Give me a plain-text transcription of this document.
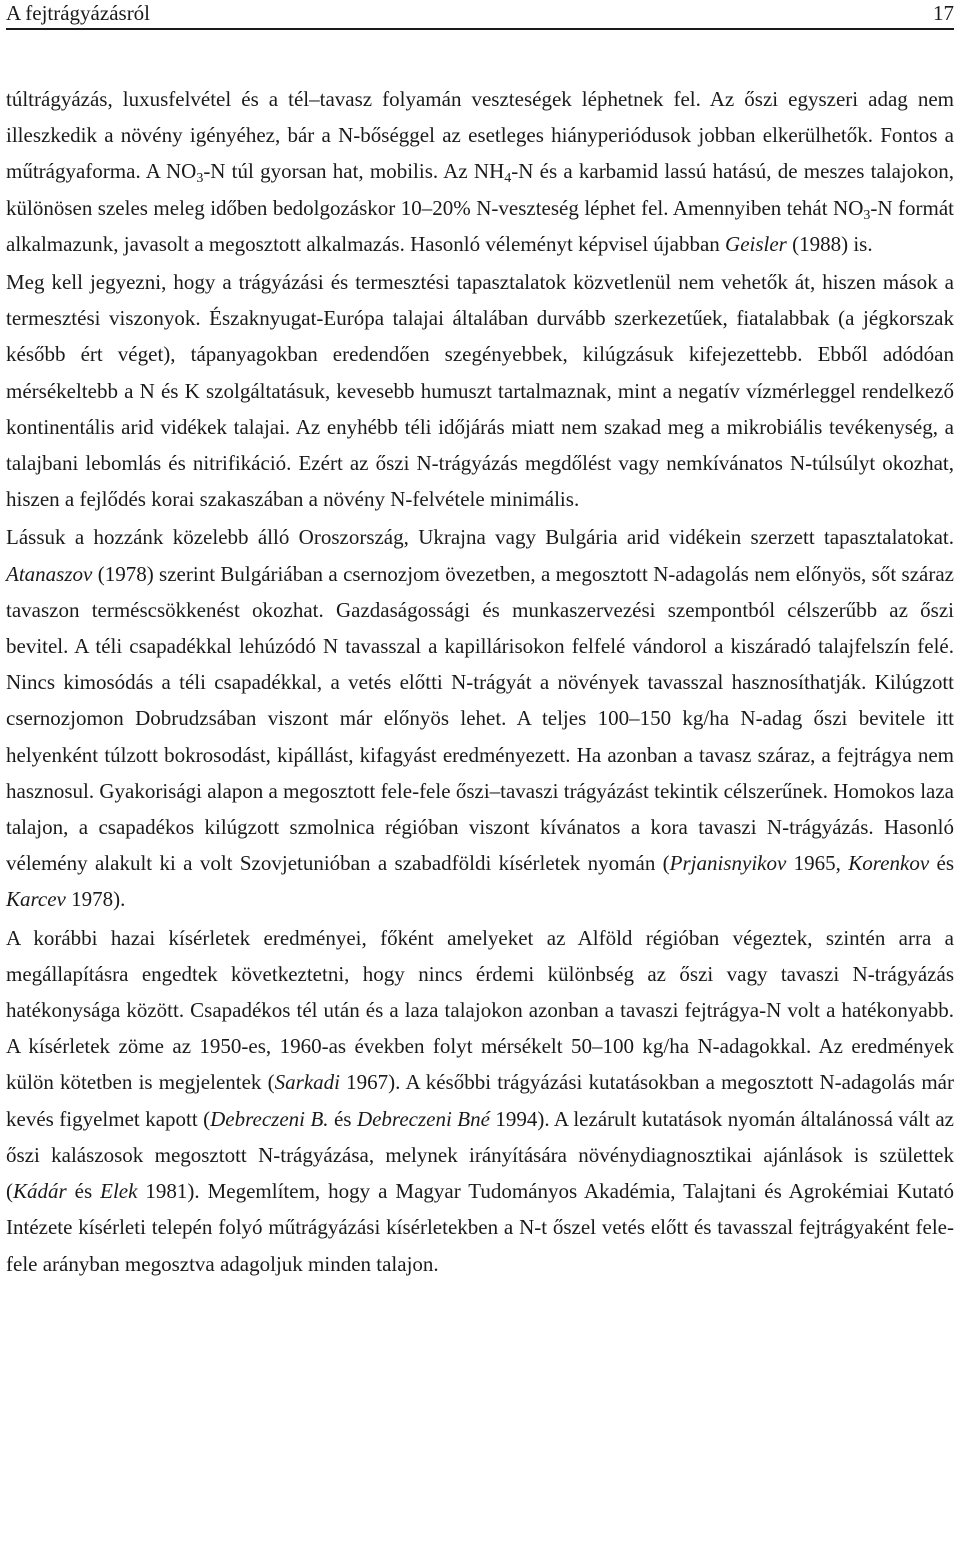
A fejtrágyázásról	17

túltrágyázás, luxusfelvétel és a tél–tavasz folyamán veszteségek léphetnek fel. Az őszi egyszeri adag nem illeszkedik a növény igényéhez, bár a N-bőséggel az esetleges hiányperiódusok jobban elkerülhetők. Fontos a műtrágyaforma. A $NO_3-N$ túl gyorsan hat, mobilis. Az $NH_4-N$ és a karbamid lassú hatású, de meszes talajokon, különösen szeles meleg időben bedolgozáskor 10–20% N-veszteség léphet fel. Amennyiben tehát $NO_3-N$ formát alkalmazunk, javasolt a megosztott alkalmazás. Hasonló véleményt képvisel újabban Geisler (1988) is.

Meg kell jegyezni, hogy a trágyázási és termesztési tapasztalatok közvetlenül nem vehetők át, hiszen mások a termesztési viszonyok. Északnyugat-Európa talajai általában durvább szerkezetűek, fiatalabbak (a jégkorszak később ért véget), tápanyagokban eredendően szegényebbek, kilúgzásuk kifejezettebb. Ebből adódóan mérsékeltebb a N és K szolgáltatásuk, kevesebb humuszt tartalmaznak, mint a negatív vízmérleggel rendelkező kontinentális arid vidékek talajai. Az enyhébb téli időjárás miatt nem szakad meg a mikrobiális tevékenység, a talajbani lebomlás és nitrifikáció. Ezért az őszi N-trágyázás megdőlést vagy nemkívánatos N-túlsúlyt okozhat, hiszen a fejlődés korai szakaszában a növény N-felvétele minimális.

Lássuk a hozzánk közelebb álló Oroszország, Ukrajna vagy Bulgária arid vidékein szerzett tapasztalatokat. Atanaszov (1978) szerint Bulgáriában a csernozjom övezetben, a megosztott N-adagolás nem előnyös, sőt száraz tavaszon terméscsökkenést okozhat. Gazdaságossági és munkaszervezési szempontból célszerűbb az őszi bevitel. A téli csapadékkal lehúzódó N tavasszal a kapillárisokon felfelé vándorol a kiszáradó talajfelszín felé. Nincs kimosódás a téli csapadékkal, a vetés előtti N-trágyát a növények tavasszal hasznosíthatják. Kilúgzott csernozjomon Dobrudzsában viszont már előnyös lehet. A teljes 100–150 kg/ha N-adag őszi bevitele itt helyenként túlzott bokrosodást, kipállást, kifagyást eredményezett. Ha azonban a tavasz száraz, a fejtrágya nem hasznosul. Gyakorisági alapon a megosztott fele-fele őszi–tavaszi trágyázást tekintik célszerűnek. Homokos laza talajon, a csapadékos kilúgzott szmolnica régióban viszont kívánatos a kora tavaszi N-trágyázás. Hasonló vélemény alakult ki a volt Szovjetunióban a szabadföldi kísérletek nyomán (Prjanisnyikov 1965, Korenkov és Karcev 1978).

A korábbi hazai kísérletek eredményei, főként amelyeket az Alföld régióban végeztek, szintén arra a megállapításra engedtek következtetni, hogy nincs érdemi különbség az őszi vagy tavaszi N-trágyázás hatékonysága között. Csapadékos tél után és a laza talajokon azonban a tavaszi fejtrágya-N volt a hatékonyabb. A kísérletek zöme az 1950-es, 1960-as években folyt mérsékelt 50–100 kg/ha N-adagokkal. Az eredmények külön kötetben is megjelentek (Sarkadi 1967). A későbbi trágyázási kutatásokban a megosztott N-adagolás már kevés figyelmet kapott (Debreczeni B. és Debreczeni Bné 1994). A lezárult kutatások nyomán általánossá vált az őszi kalászosok megosztott N-trágyázása, melynek irányítására növénydiagnosztikai ajánlások is születtek (Kádár és Elek 1981). Megemlítem, hogy a Magyar Tudományos Akadémia, Talajtani és Agrokémiai Kutató Intézete kísérleti telepén folyó műtrágyázási kísérletekben a N-t őszel vetés előtt és tavasszal fejtrágyaként fele-fele arányban megosztva adagoljuk minden talajon.
